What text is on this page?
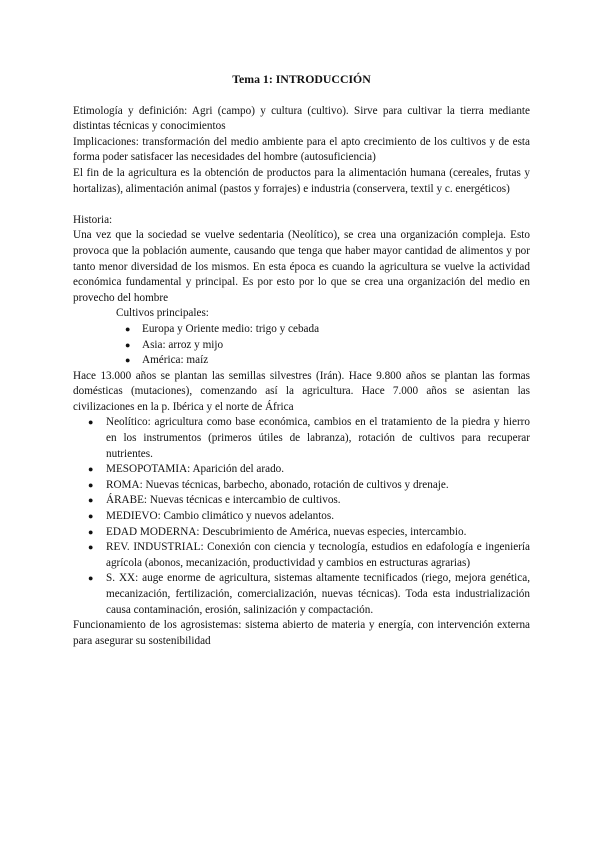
Tema 1: INTRODUCCIÓN

Etimología y definición: Agri (campo) y cultura (cultivo). Sirve para cultivar la tierra mediante distintas técnicas y conocimientos

Implicaciones: transformación del medio ambiente para el apto crecimiento de los cultivos y de esta forma poder satisfacer las necesidades del hombre (autosuficiencia)

El fin de la agricultura es la obtención de productos para la alimentación humana (cereales, frutas y hortalizas), alimentación animal (pastos y forrajes) e industria (conservera, textil y c. energéticos)

Historia:

Una vez que la sociedad se vuelve sedentaria (Neolítico), se crea una organización compleja. Esto provoca que la población aumente, causando que tenga que haber mayor cantidad de alimentos y por tanto menor diversidad de los mismos. En esta época es cuando la agricultura se vuelve la actividad económica fundamental y principal. Es por esto por lo que se crea una organización del medio en provecho del hombre

Cultivos principales:

● Europa y Oriente medio: trigo y cebada
● Asia: arroz y mijo
● América: maíz

Hace 13.000 años se plantan las semillas silvestres (Irán). Hace 9.800 años se plantan las formas domésticas (mutaciones), comenzando así la agricultura. Hace 7.000 años se asientan las civilizaciones en la p. Ibérica y el norte de África

● Neolítico: agricultura como base económica, cambios en el tratamiento de la piedra y hierro en los instrumentos (primeros útiles de labranza), rotación de cultivos para recuperar nutrientes.
● MESOPOTAMIA: Aparición del arado.
● ROMA: Nuevas técnicas, barbecho, abonado, rotación de cultivos y drenaje.
● ÁRABE: Nuevas técnicas e intercambio de cultivos.
● MEDIEVO: Cambio climático y nuevos adelantos.
● EDAD MODERNA: Descubrimiento de América, nuevas especies, intercambio.
● REV. INDUSTRIAL: Conexión con ciencia y tecnología, estudios en edafología e ingeniería agrícola (abonos, mecanización, productividad y cambios en estructuras agrarias)
● S. XX: auge enorme de agricultura, sistemas altamente tecnificados (riego, mejora genética, mecanización, fertilización, comercialización, nuevas técnicas). Toda esta industrialización causa contaminación, erosión, salinización y compactación.

Funcionamiento de los agrosistemas: sistema abierto de materia y energía, con intervención externa para asegurar su sostenibilidad
